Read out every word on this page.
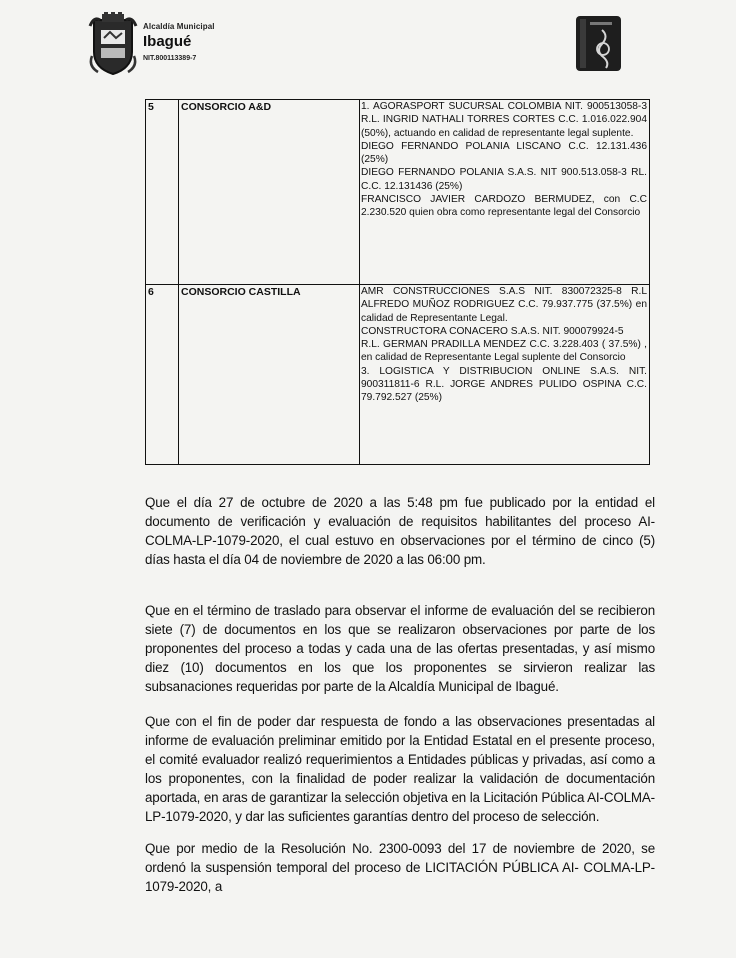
Alcaldía Municipal
Ibagué
NIT.800113389-7
5	CONSORCIO A&D	1. AGORASPORT SUCURSAL COLOMBIA NIT. 900513058-3 R.L. INGRID NATHALI TORRES CORTES C.C. 1.016.022.904 (50%), actuando en calidad de representante legal suplente.
DIEGO FERNANDO POLANIA LISCANO C.C. 12.131.436 (25%)
DIEGO FERNANDO POLANIA S.A.S. NIT 900.513.058-3 RL. C.C. 12.131436 (25%)
FRANCISCO JAVIER CARDOZO BERMUDEZ, con C.C 2.230.520 quien obra como representante legal del Consorcio

6	CONSORCIO CASTILLA	AMR CONSTRUCCIONES S.A.S NIT. 830072325-8 R.L ALFREDO MUÑOZ RODRIGUEZ C.C. 79.937.775 (37.5%) en calidad de Representante Legal.
CONSTRUCTORA CONACERO S.A.S. NIT. 900079924-5
R.L. GERMAN PRADILLA MENDEZ C.C. 3.228.403 ( 37.5%) , en calidad de Representante Legal suplente del Consorcio
3. LOGISTICA Y DISTRIBUCION ONLINE S.A.S. NIT. 900311811-6 R.L. JORGE ANDRES PULIDO OSPINA C.C. 79.792.527 (25%)
Que el día 27 de octubre de 2020 a las 5:48 pm fue publicado por la entidad el documento de verificación y evaluación de requisitos habilitantes del proceso AI-COLMA-LP-1079-2020, el cual estuvo en observaciones por el término de cinco (5) días hasta el día 04 de noviembre de 2020 a las 06:00 pm.
Que en el término de traslado para observar el informe de evaluación del se recibieron siete (7) de documentos en los que se realizaron observaciones por parte de los proponentes del proceso a todas y cada una de las ofertas presentadas, y así mismo diez (10) documentos en los que los proponentes se sirvieron realizar las subsanaciones requeridas por parte de la Alcaldía Municipal de Ibagué.
Que con el fin de poder dar respuesta de fondo a las observaciones presentadas al informe de evaluación preliminar emitido por la Entidad Estatal en el presente proceso, el comité evaluador realizó requerimientos a Entidades públicas y privadas, así como a los proponentes, con la finalidad de poder realizar la validación de documentación aportada, en aras de garantizar la selección objetiva en la Licitación Pública AI-COLMA-LP-1079-2020, y dar las suficientes garantías dentro del proceso de selección.
Que por medio de la Resolución No. 2300-0093 del 17 de noviembre de 2020, se ordenó la suspensión temporal del proceso de LICITACIÓN PÚBLICA AI- COLMA-LP-1079-2020, a
